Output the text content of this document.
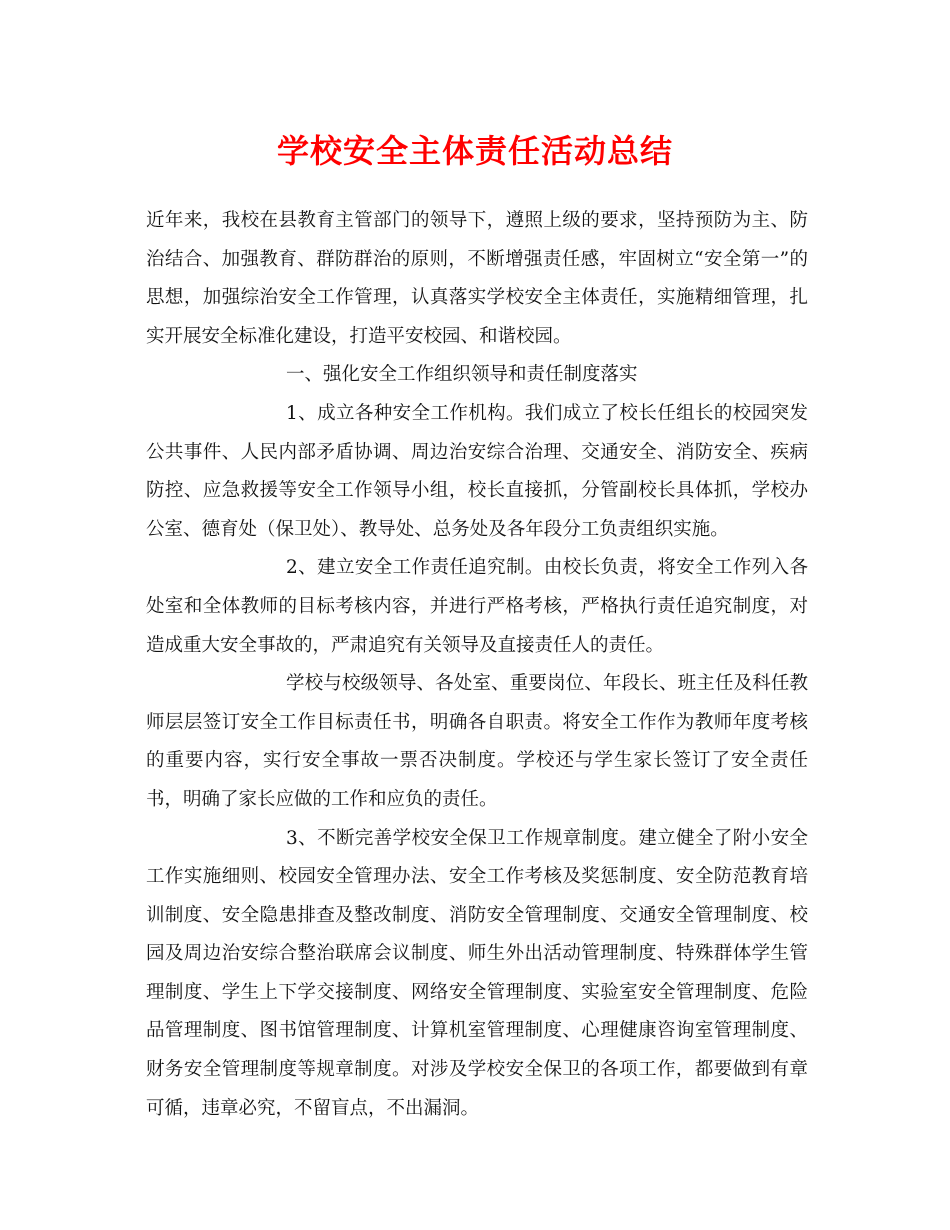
学校安全主体责任活动总结

近年来，我校在县教育主管部门的领导下，遵照上级的要求，坚持预防为主、防治结合、加强教育、群防群治的原则，不断增强责任感，牢固树立“安全第一”的思想，加强综治安全工作管理，认真落实学校安全主体责任，实施精细管理，扎实开展安全标准化建设，打造平安校园、和谐校园。

一、强化安全工作组织领导和责任制度落实

1、成立各种安全工作机构。我们成立了校长任组长的校园突发公共事件、人民内部矛盾协调、周边治安综合治理、交通安全、消防安全、疾病防控、应急救援等安全工作领导小组，校长直接抓，分管副校长具体抓，学校办公室、德育处（保卫处）、教导处、总务处及各年段分工负责组织实施。

2、建立安全工作责任追究制。由校长负责，将安全工作列入各处室和全体教师的目标考核内容，并进行严格考核，严格执行责任追究制度，对造成重大安全事故的，严肃追究有关领导及直接责任人的责任。

学校与校级领导、各处室、重要岗位、年段长、班主任及科任教师层层签订安全工作目标责任书，明确各自职责。将安全工作作为教师年度考核的重要内容，实行安全事故一票否决制度。学校还与学生家长签订了安全责任书，明确了家长应做的工作和应负的责任。

3、不断完善学校安全保卫工作规章制度。建立健全了附小安全工作实施细则、校园安全管理办法、安全工作考核及奖惩制度、安全防范教育培训制度、安全隐患排查及整改制度、消防安全管理制度、交通安全管理制度、校园及周边治安综合整治联席会议制度、师生外出活动管理制度、特殊群体学生管理制度、学生上下学交接制度、网络安全管理制度、实验室安全管理制度、危险品管理制度、图书馆管理制度、计算机室管理制度、心理健康咨询室管理制度、财务安全管理制度等规章制度。对涉及学校安全保卫的各项工作，都要做到有章可循，违章必究，不留盲点，不出漏洞。
